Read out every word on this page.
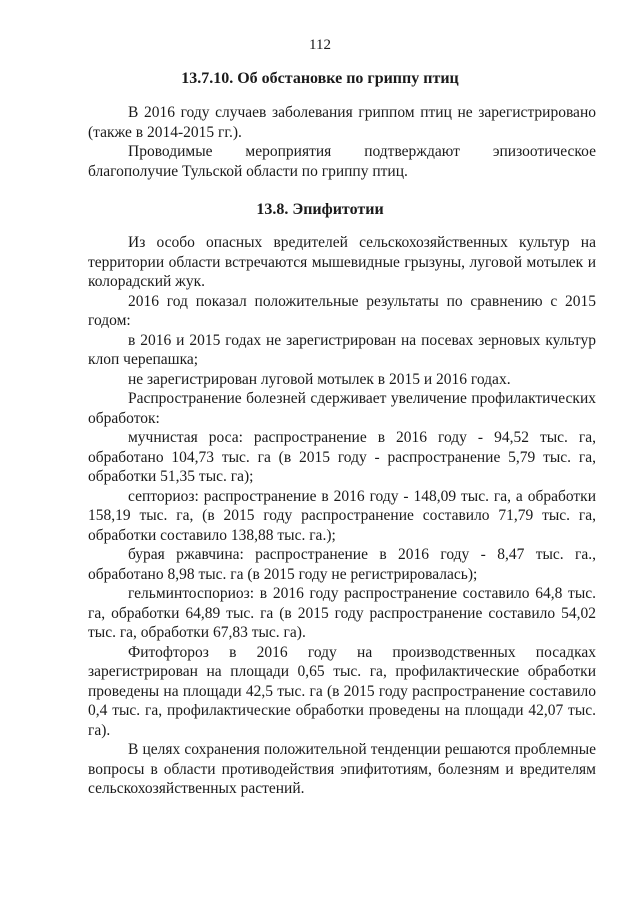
112
13.7.10. Об обстановке по гриппу птиц

В 2016 году случаев заболевания гриппом птиц не зарегистрировано (также в 2014-2015 гг.).

Проводимые мероприятия подтверждают эпизоотическое благополучие Тульской области по гриппу птиц.

13.8. Эпифитотии

Из особо опасных вредителей сельскохозяйственных культур на территории области встречаются мышевидные грызуны, луговой мотылек и колорадский жук.

2016 год показал положительные результаты по сравнению с 2015 годом:

в 2016 и 2015 годах не зарегистрирован на посевах зерновых культур клоп черепашка;

не зарегистрирован луговой мотылек в 2015 и 2016 годах.

Распространение болезней сдерживает увеличение профилактических обработок:

мучнистая роса: распространение в 2016 году - 94,52 тыс. га, обработано 104,73 тыс. га (в 2015 году - распространение 5,79 тыс. га, обработки 51,35 тыс. га);

септориоз: распространение в 2016 году - 148,09 тыс. га, а обработки 158,19 тыс. га, (в 2015 году распространение составило 71,79 тыс. га, обработки составило 138,88 тыс. га.);

бурая ржавчина: распространение в 2016 году - 8,47 тыс. га., обработано 8,98 тыс. га (в 2015 году не регистрировалась);

гельминтоспориоз: в 2016 году распространение составило 64,8 тыс. га, обработки 64,89 тыс. га (в 2015 году распространение составило 54,02 тыс. га, обработки 67,83 тыс. га).

Фитофтороз в 2016 году на производственных посадках зарегистрирован на площади 0,65 тыс. га, профилактические обработки проведены на площади 42,5 тыс. га (в 2015 году распространение составило 0,4 тыс. га, профилактические обработки проведены на площади 42,07 тыс. га).

В целях сохранения положительной тенденции решаются проблемные вопросы в области противодействия эпифитотиям, болезням и вредителям сельскохозяйственных растений.
